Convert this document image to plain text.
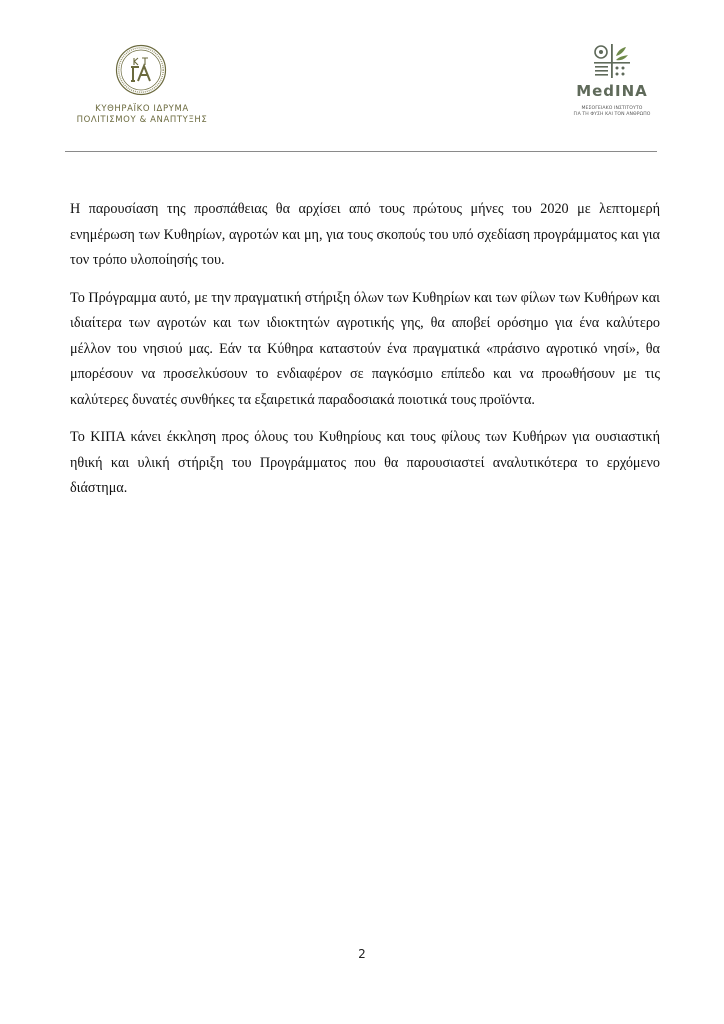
ΚΥΘΗΡΑΪΚΟ ΙΔΡΥΜΑ
ΠΟΛΙΤΙΣΜΟΥ & ΑΝΑΠΤΥΞΗΣ
MedINA
ΜΕΣΟΓΕΙΑΚΟ ΙΝΣΤΙΤΟΥΤΟ
ΓΙΑ ΤΗ ΦΥΣΗ ΚΑΙ ΤΟΝ ΑΝΘΡΩΠΟ

Η παρουσίαση της προσπάθειας θα αρχίσει από τους πρώτους μήνες του 2020 με λεπτομερή ενημέρωση των Κυθηρίων, αγροτών και μη, για τους σκοπούς του υπό σχεδίαση προγράμματος και για τον τρόπο υλοποίησής του.

Το Πρόγραμμα αυτό, με την πραγματική στήριξη όλων των Κυθηρίων και των φίλων των Κυθήρων και ιδιαίτερα των αγροτών και των ιδιοκτητών αγροτικής γης, θα αποβεί ορόσημο για ένα καλύτερο μέλλον του νησιού μας. Εάν τα Κύθηρα καταστούν ένα πραγματικά «πράσινο αγροτικό νησί», θα μπορέσουν να προσελκύσουν το ενδιαφέρον σε παγκόσμιο επίπεδο και να προωθήσουν με τις καλύτερες δυνατές συνθήκες τα εξαιρετικά παραδοσιακά ποιοτικά τους προϊόντα.

Το ΚΙΠΑ κάνει έκκληση προς όλους του Κυθηρίους και τους φίλους των Κυθήρων για ουσιαστική ηθική και υλική στήριξη του Προγράμματος που θα παρουσιαστεί αναλυτικότερα το ερχόμενο διάστημα.

2
